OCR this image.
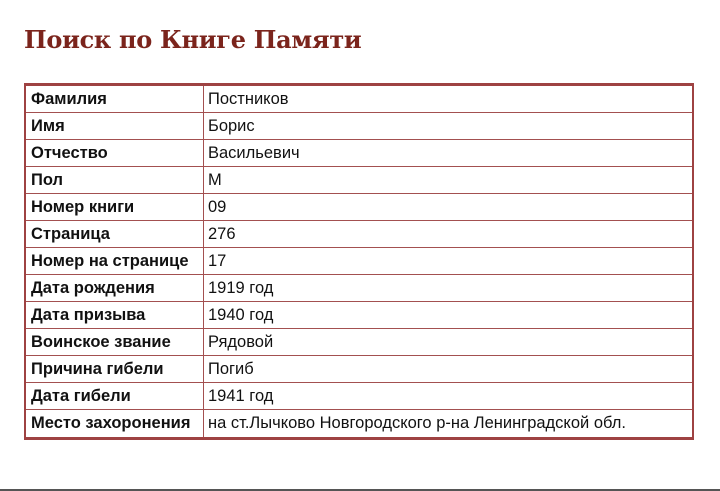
Поиск по Книге Памяти
Фамилия	Постников
Имя	Борис
Отчество	Васильевич
Пол	М
Номер книги	09
Страница	276
Номер на странице	17
Дата рождения	1919 год
Дата призыва	1940 год
Воинское звание	Рядовой
Причина гибели	Погиб
Дата гибели	1941 год
Место захоронения	на ст.Лычково Новгородского р-на Ленинградской обл.
